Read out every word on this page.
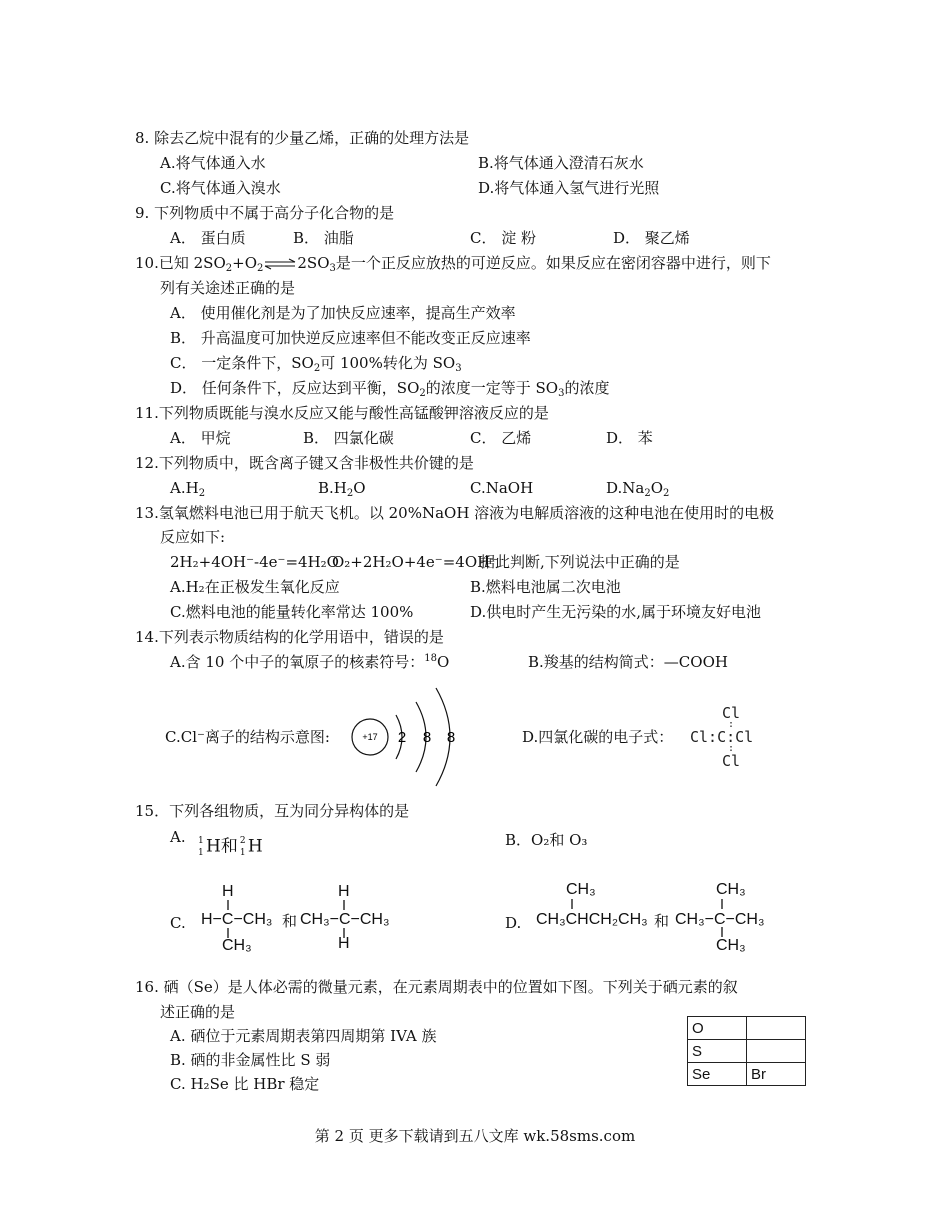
8. 除去乙烷中混有的少量乙烯，正确的处理方法是
A.将气体通入水	B.将气体通入澄清石灰水
C.将气体通入溴水	D.将气体通入氢气进行光照
9. 下列物质中不属于高分子化合物的是
A． 蛋白质	B． 油脂	C． 淀 粉	D． 聚乙烯
10.已知 $2SO_2+O_2\rightleftharpoons 2SO_3$是一个正反应放热的可逆反应。如果反应在密闭容器中进行，则下
列有关途述正确的是
A． 使用催化剂是为了加快反应速率，提高生产效率
B． 升高温度可加快逆反应速率但不能改变正反应速率
C． 一定条件下，$SO_2$可 100%转化为 $SO_3$
D． 任何条件下，反应达到平衡，$SO_2$的浓度一定等于 $SO_3$的浓度
11.下列物质既能与溴水反应又能与酸性高锰酸钾溶液反应的是
A． 甲烷	B． 四氯化碳	C． 乙烯	D． 苯
12.下列物质中，既含离子键又含非极性共价键的是
$A.H_2$	$B.H_2O$	C.NaOH	$D.Na_2O_2$
13.氢氧燃料电池已用于航天飞机。以 20%NaOH 溶液为电解质溶液的这种电池在使用时的电极
反应如下:
2H₂+4OH⁻-4e⁻=4H₂O
O₂+2H₂O+4e⁻=4OH⁻
据此判断,下列说法中正确的是
A.H₂在正极发生氧化反应	B.燃料电池属二次电池
C.燃料电池的能量转化率常达 100%	D.供电时产生无污染的水,属于环境友好电池
14.下列表示物质结构的化学用语中，错误的是
A.含 10 个中子的氧原子的核素符号：$^{18}$O	B.羧基的结构简式：—COOH
C.Cl⁻离子的结构示意图:	+17 2 8 8	D.四氯化碳的电子式：
Cl
Cl:C:Cl
Cl
:
:
15．下列各组物质，互为同分异构体的是
A. 1
1 H和 2
1 H	B．O₂和 O₃
C.
H
H−C−CH₃
CH₃
和
H
CH₃−C−CH₃
H
D.
CH₃
CH₃CHCH₂CH₃ 和
CH₃
CH₃−C−CH₃
CH₃
16. 硒（Se）是人体必需的微量元素，在元素周期表中的位置如下图。下列关于硒元素的叙
述正确的是
A. 硒位于元素周期表第四周期第 IVA 族
B. 硒的非金属性比 S 弱
C. H₂Se 比 HBr 稳定
O	
S	
Se	Br
第 2 页 更多下载请到五八文库 wk.58sms.com
